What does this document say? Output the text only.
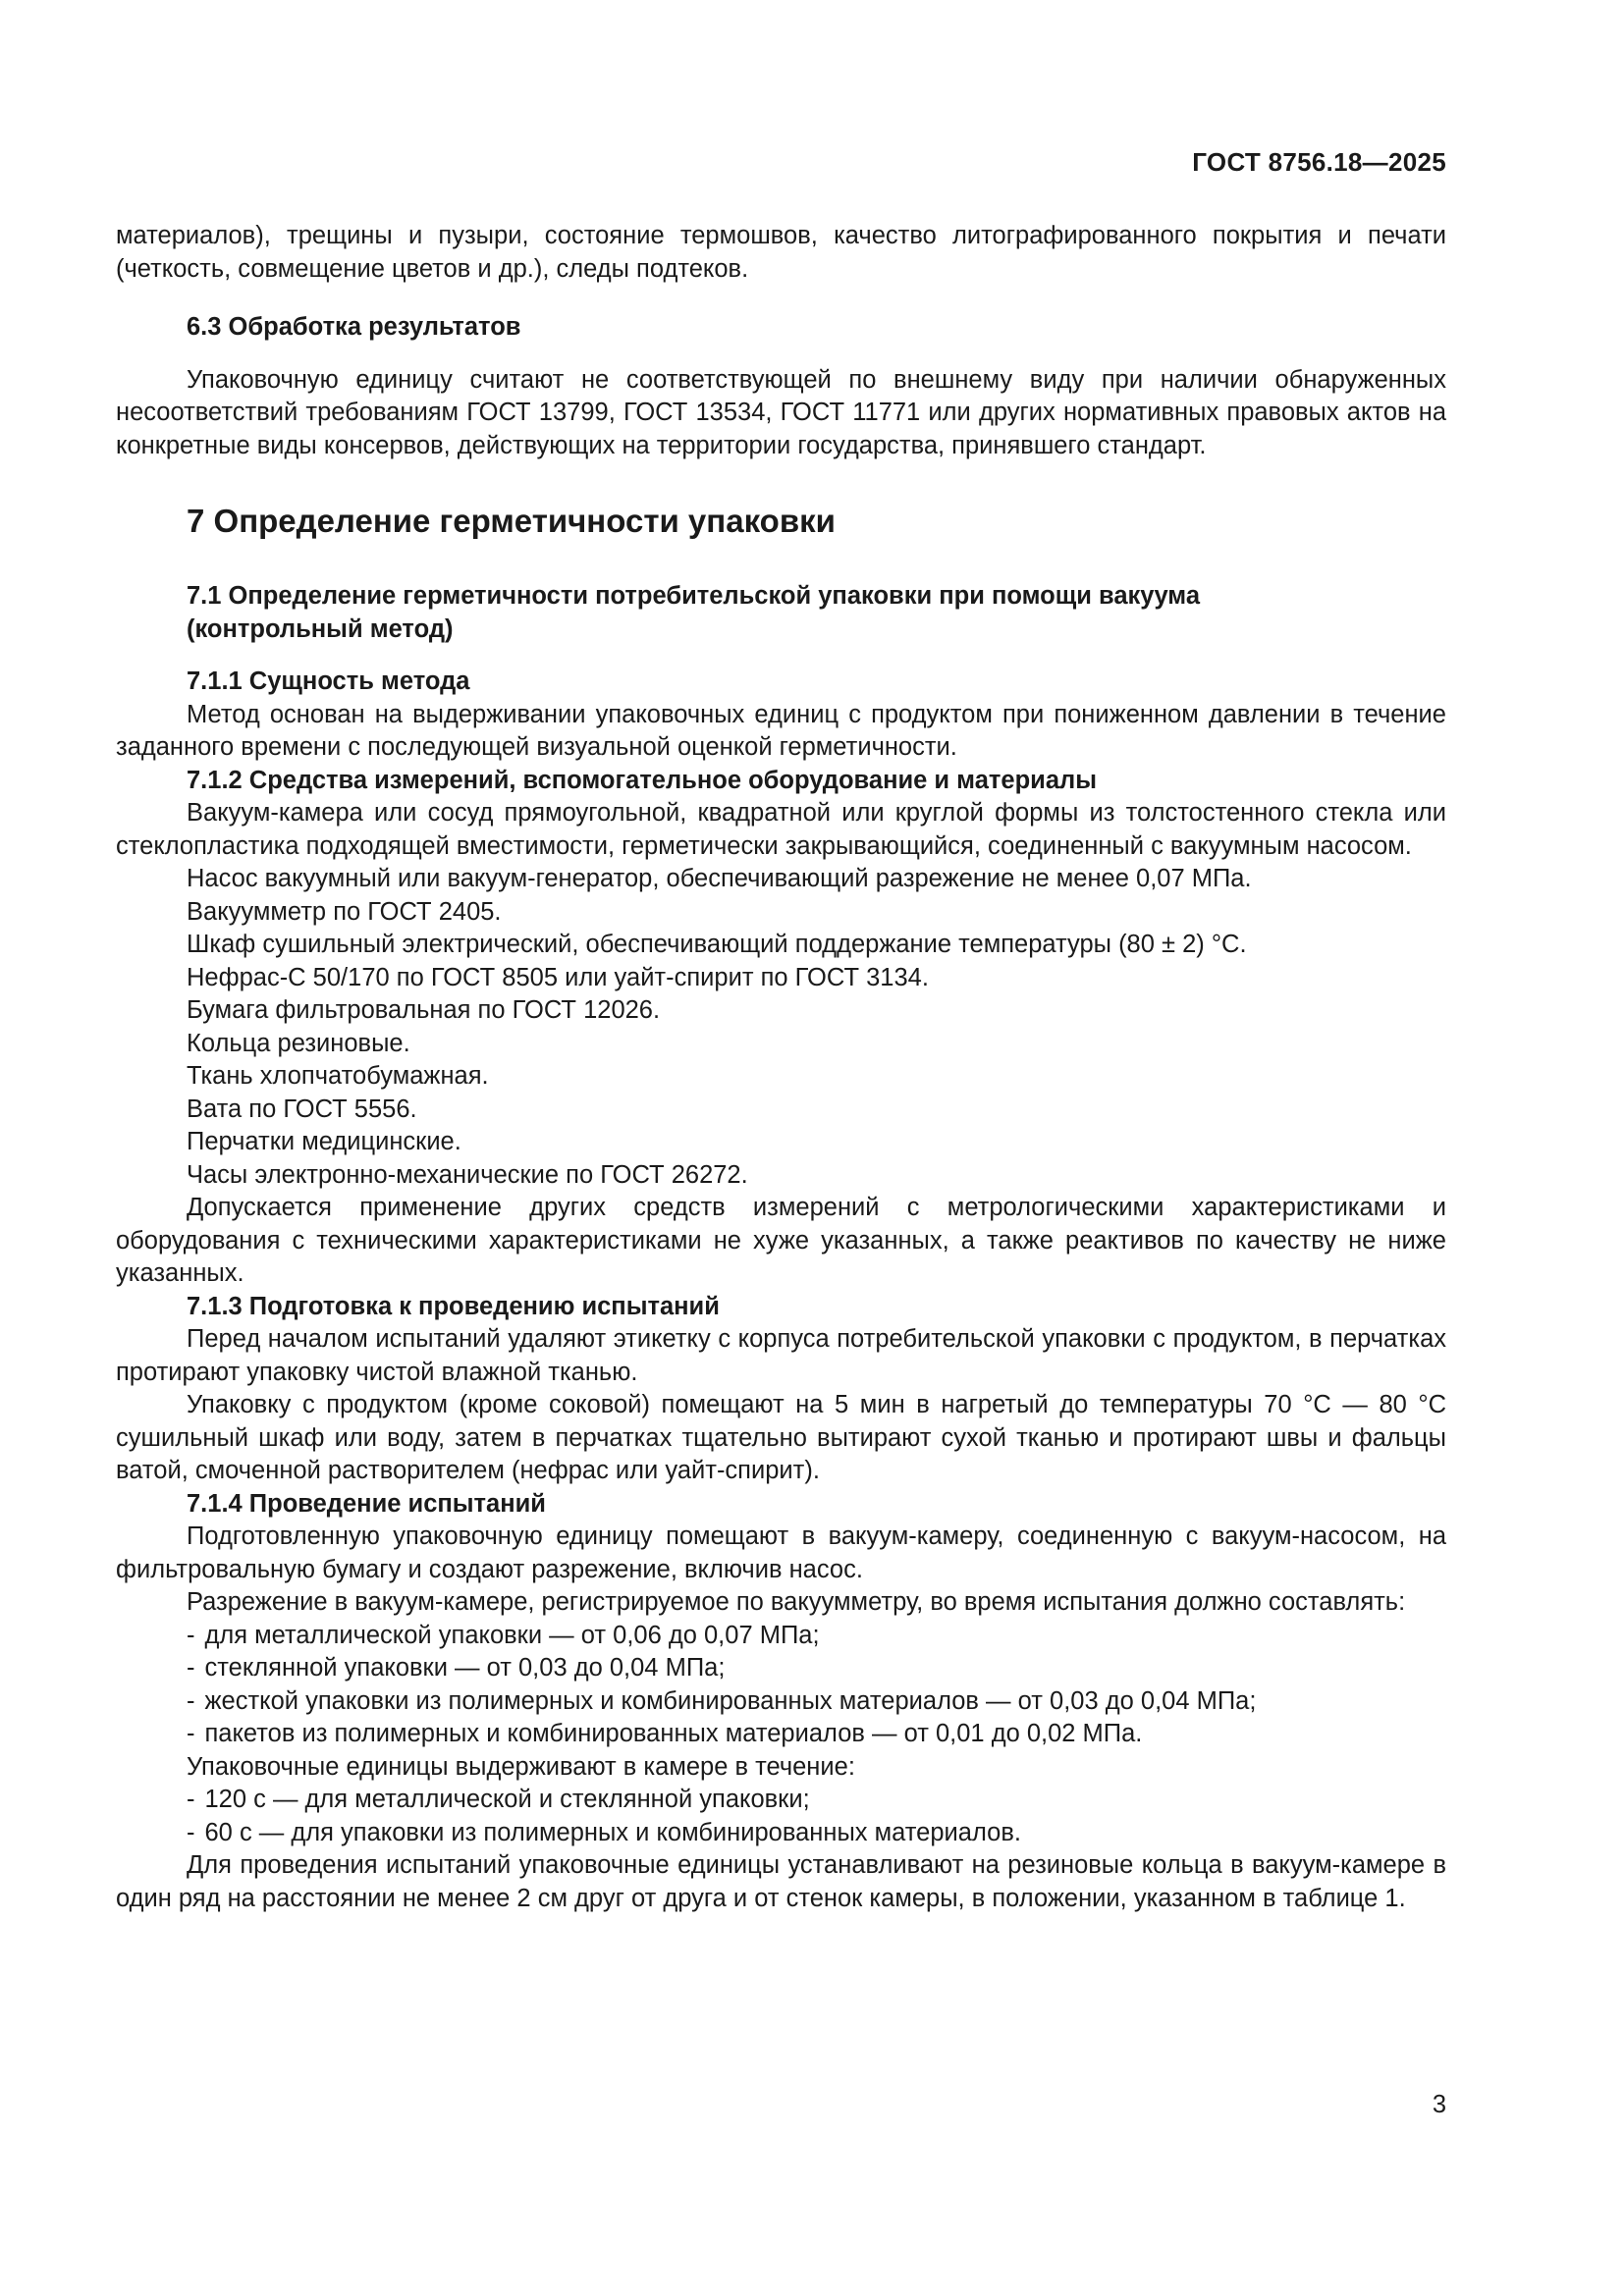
ГОСТ 8756.18—2025

материалов), трещины и пузыри, состояние термошвов, качество литографированного покрытия и печати (четкость, совмещение цветов и др.), следы подтеков.

6.3 Обработка результатов

Упаковочную единицу считают не соответствующей по внешнему виду при наличии обнаруженных несоответствий требованиям ГОСТ 13799, ГОСТ 13534, ГОСТ 11771 или других нормативных правовых актов на конкретные виды консервов, действующих на территории государства, принявшего стандарт.

7 Определение герметичности упаковки
7.1 Определение герметичности потребительской упаковки при помощи вакуума
(контрольный метод)
7.1.1 Сущность метода

Метод основан на выдерживании упаковочных единиц с продуктом при пониженном давлении в течение заданного времени с последующей визуальной оценкой герметичности.

7.1.2 Средства измерений, вспомогательное оборудование и материалы

Вакуум-камера или сосуд прямоугольной, квадратной или круглой формы из толстостенного стекла или стеклопластика подходящей вместимости, герметически закрывающийся, соединенный с вакуумным насосом.

Насос вакуумный или вакуум-генератор, обеспечивающий разрежение не менее 0,07 МПа.

Вакуумметр по ГОСТ 2405.

Шкаф сушильный электрический, обеспечивающий поддержание температуры (80 ± 2) °С.

Нефрас-С 50/170 по ГОСТ 8505 или уайт-спирит по ГОСТ 3134.

Бумага фильтровальная по ГОСТ 12026.

Кольца резиновые.

Ткань хлопчатобумажная.

Вата по ГОСТ 5556.

Перчатки медицинские.

Часы электронно-механические по ГОСТ 26272.

Допускается применение других средств измерений с метрологическими характеристиками и оборудования с техническими характеристиками не хуже указанных, а также реактивов по качеству не ниже указанных.

7.1.3 Подготовка к проведению испытаний

Перед началом испытаний удаляют этикетку с корпуса потребительской упаковки с продуктом, в перчатках протирают упаковку чистой влажной тканью.

Упаковку с продуктом (кроме соковой) помещают на 5 мин в нагретый до температуры 70 °С — 80 °С сушильный шкаф или воду, затем в перчатках тщательно вытирают сухой тканью и протирают швы и фальцы ватой, смоченной растворителем (нефрас или уайт-спирит).

7.1.4 Проведение испытаний

Подготовленную упаковочную единицу помещают в вакуум-камеру, соединенную с вакуум-насосом, на фильтровальную бумагу и создают разрежение, включив насос.

Разрежение в вакуум-камере, регистрируемое по вакуумметру, во время испытания должно составлять:

- для металлической упаковки — от 0,06 до 0,07 МПа;
- стеклянной упаковки — от 0,03 до 0,04 МПа;
- жесткой упаковки из полимерных и комбинированных материалов — от 0,03 до 0,04 МПа;
- пакетов из полимерных и комбинированных материалов — от 0,01 до 0,02 МПа.

Упаковочные единицы выдерживают в камере в течение:

- 120 с — для металлической и стеклянной упаковки;
- 60 с — для упаковки из полимерных и комбинированных материалов.

Для проведения испытаний упаковочные единицы устанавливают на резиновые кольца в вакуум-камере в один ряд на расстоянии не менее 2 см друг от друга и от стенок камеры, в положении, указанном в таблице 1.

3
